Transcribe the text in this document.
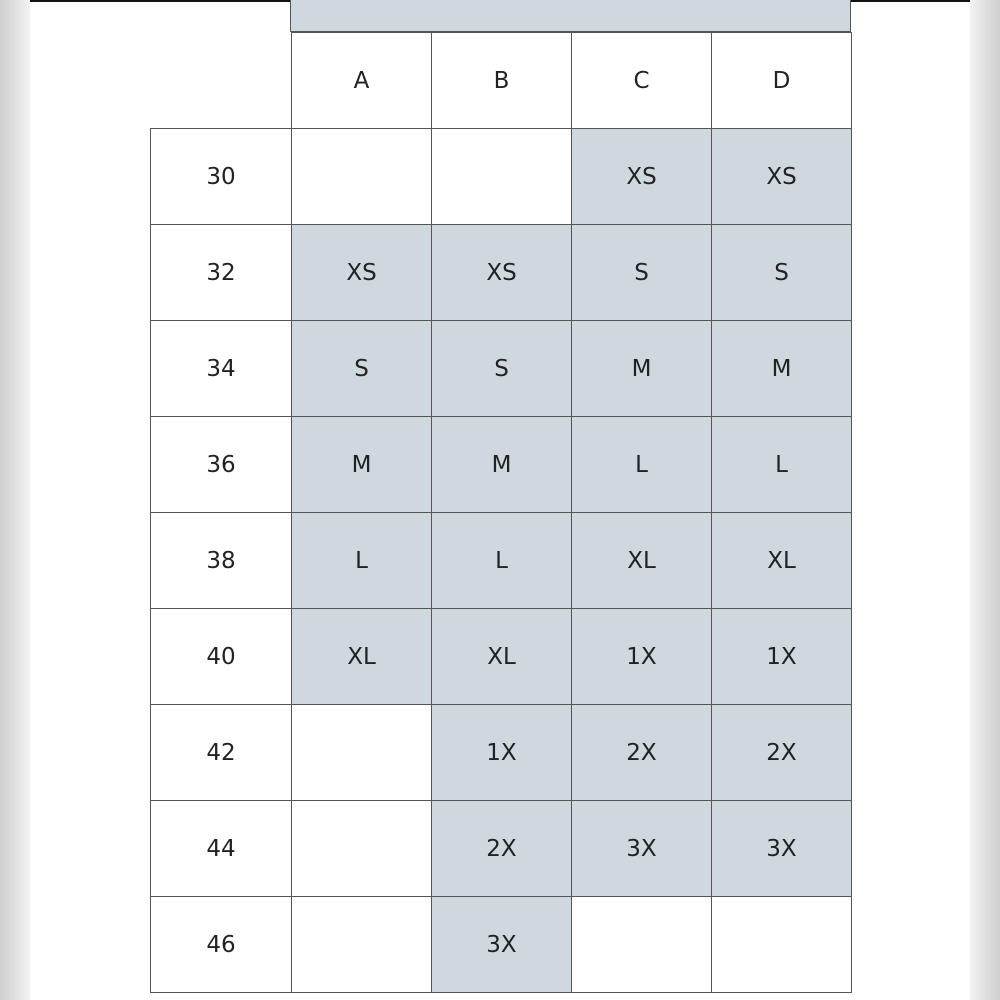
	A	B	C	D
30			XS	XS
32	XS	XS	S	S
34	S	S	M	M
36	M	M	L	L
38	L	L	XL	XL
40	XL	XL	1X	1X
42		1X	2X	2X
44		2X	3X	3X
46		3X		
